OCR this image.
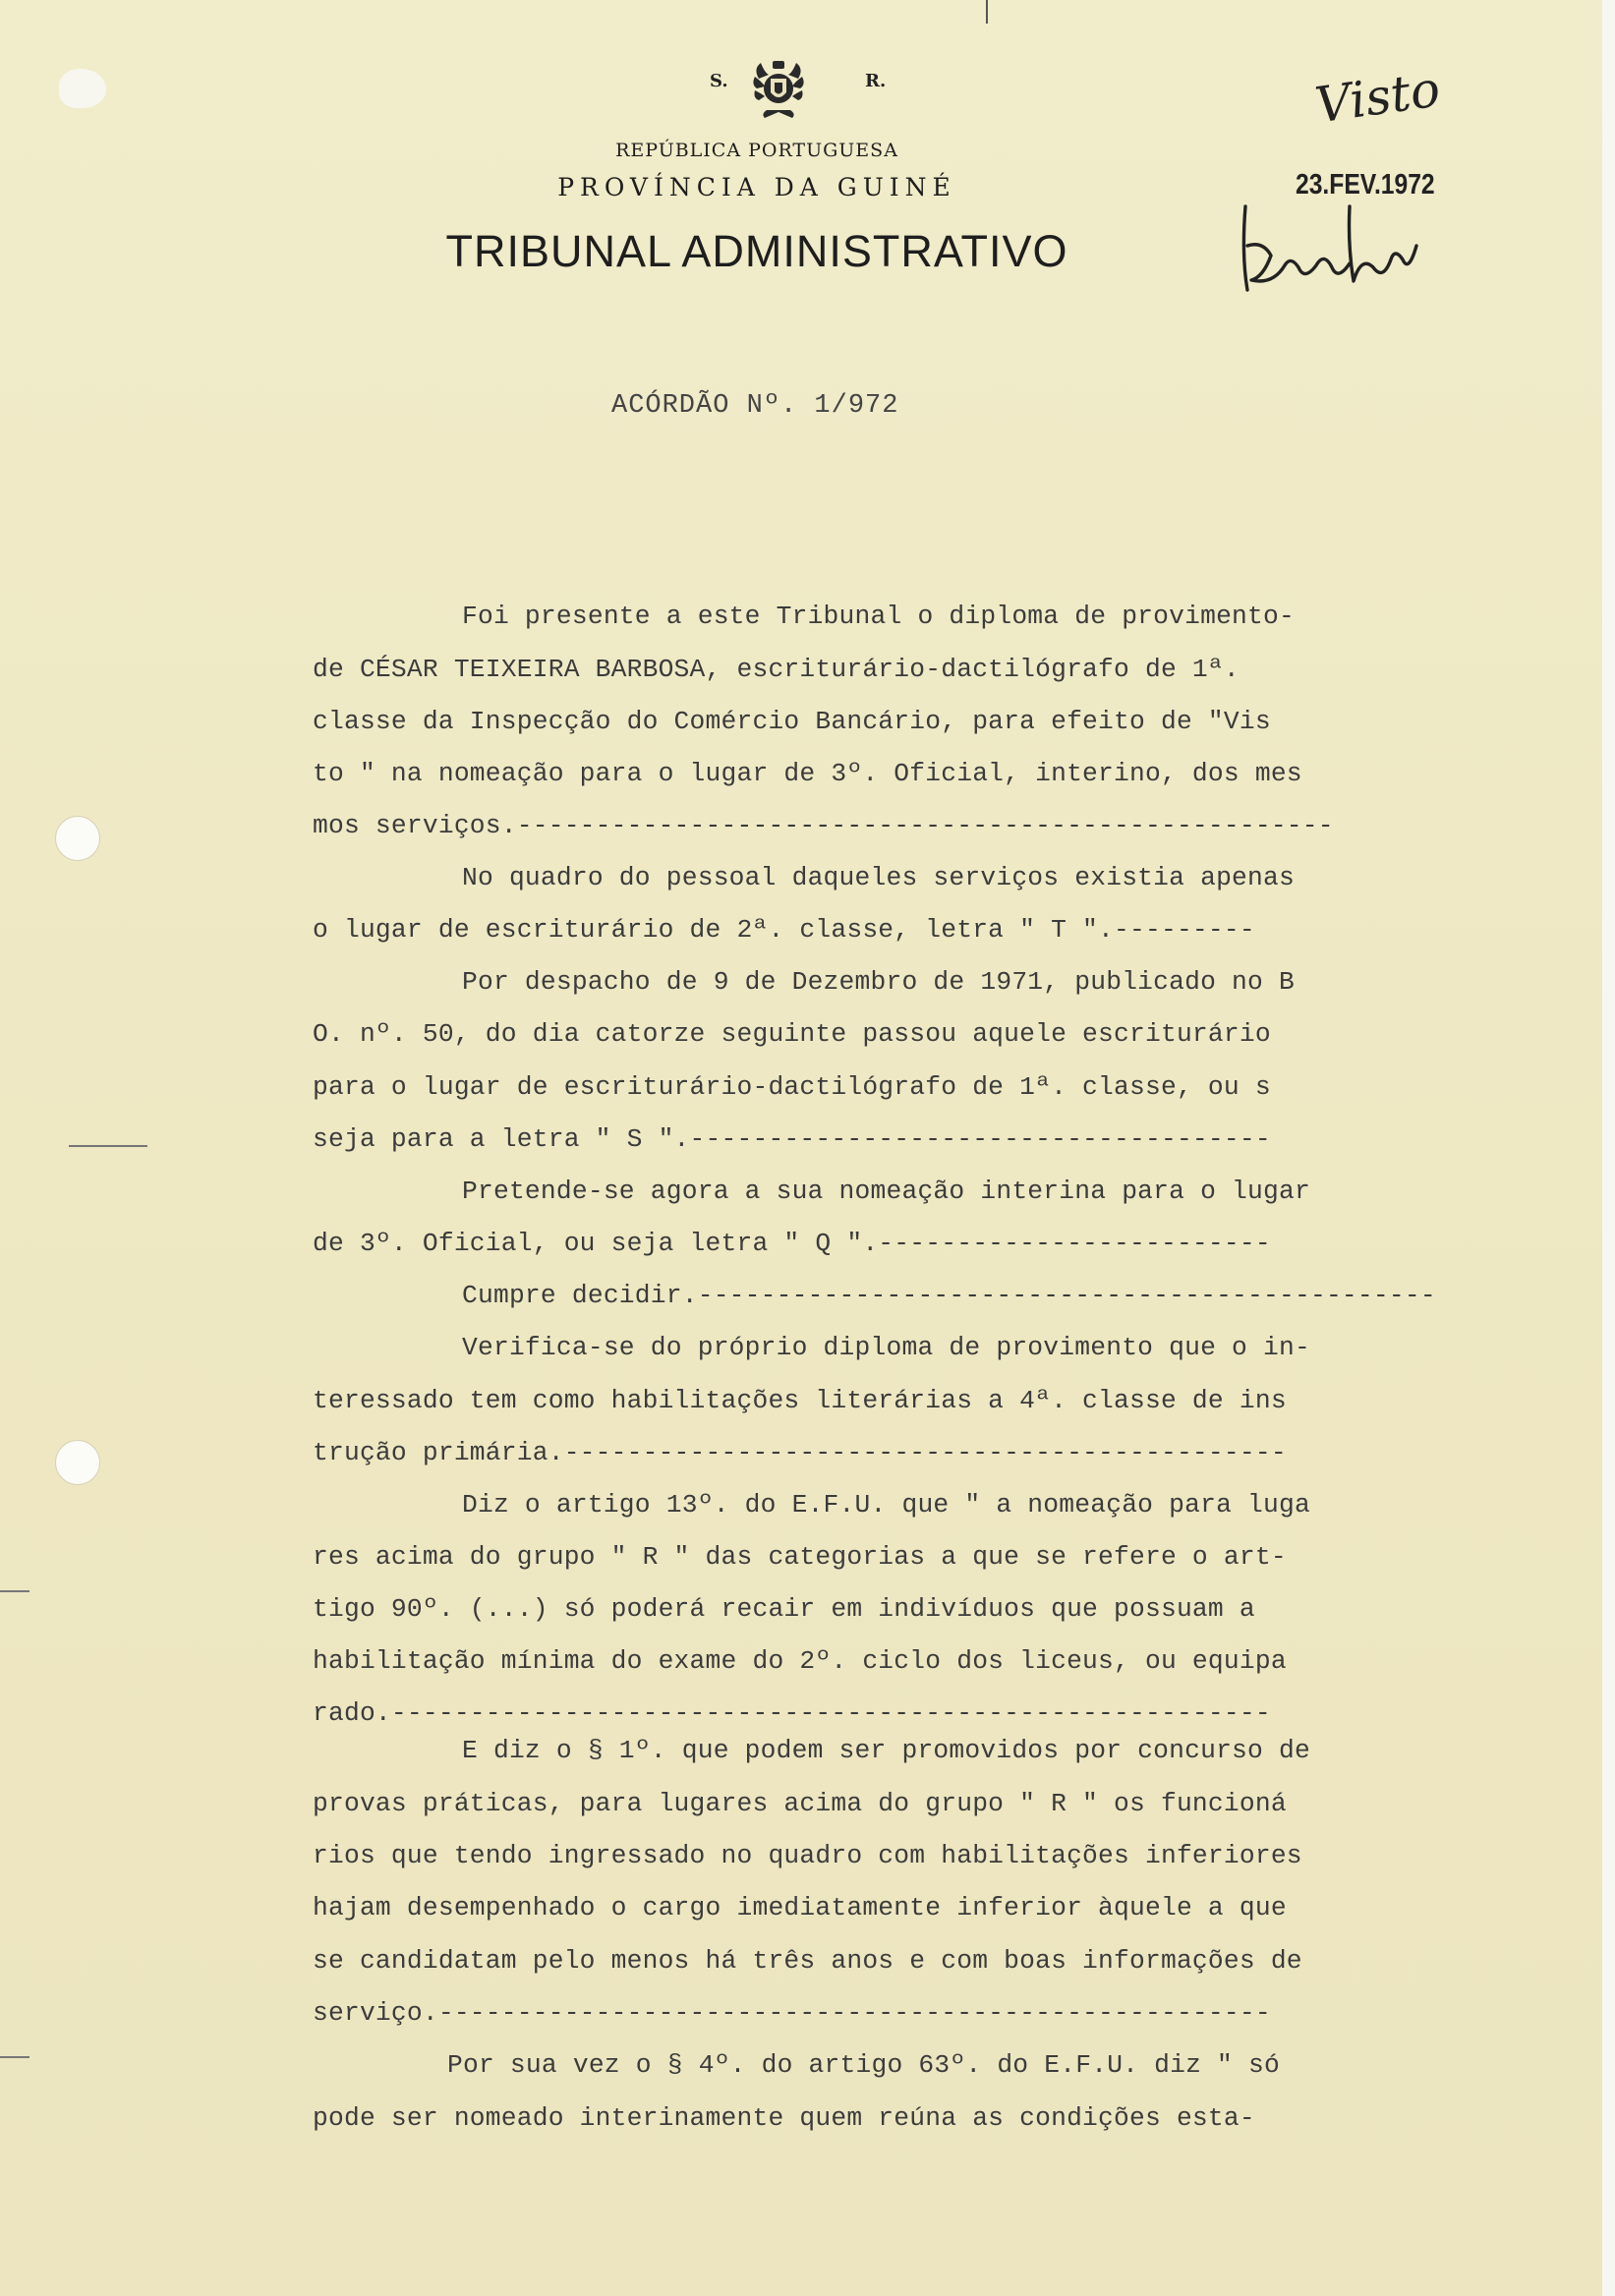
S.	R.
REPÚBLICA PORTUGUESA
PROVÍNCIA DA GUINÉ
TRIBUNAL ADMINISTRATIVO
Visto
23.FEV.1972
ACÓRDÃO Nº. 1/972
Foi presente a este Tribunal o diploma de provimento-
de CÉSAR TEIXEIRA BARBOSA, escriturário-dactilógrafo de 1ª.
classe da Inspecção do Comércio Bancário, para efeito de "Vis
to " na nomeação para o lugar de 3º. Oficial, interino, dos mes
mos serviços.----------------------------------------------------
No quadro do pessoal daqueles serviços existia apenas
o lugar de escriturário de 2ª. classe, letra " T ".---------
Por despacho de 9 de Dezembro de 1971, publicado no B
O. nº. 50, do dia catorze seguinte passou aquele escriturário
para o lugar de escriturário-dactilógrafo de 1ª. classe, ou s
seja para a letra " S ".-------------------------------------
Pretende-se agora a sua nomeação interina para o lugar
de 3º. Oficial, ou seja letra " Q ".-------------------------
Cumpre decidir.-----------------------------------------------
Verifica-se do próprio diploma de provimento que o in-
teressado tem como habilitações literárias a 4ª. classe de ins
trução primária.----------------------------------------------
Diz o artigo 13º. do E.F.U. que " a nomeação para luga
res acima do grupo " R " das categorias a que se refere o art-
tigo 90º. (...) só poderá recair em indivíduos que possuam a
habilitação mínima do exame do 2º. ciclo dos liceus, ou equipa
rado.--------------------------------------------------------
E diz o § 1º. que podem ser promovidos por concurso de
provas práticas, para lugares acima do grupo " R " os funcioná
rios que tendo ingressado no quadro com habilitações inferiores
hajam desempenhado o cargo imediatamente inferior àquele a que
se candidatam pelo menos há três anos e com boas informações de
serviço.-----------------------------------------------------
Por sua vez o § 4º. do artigo 63º. do E.F.U. diz " só
pode ser nomeado interinamente quem reúna as condições esta-
